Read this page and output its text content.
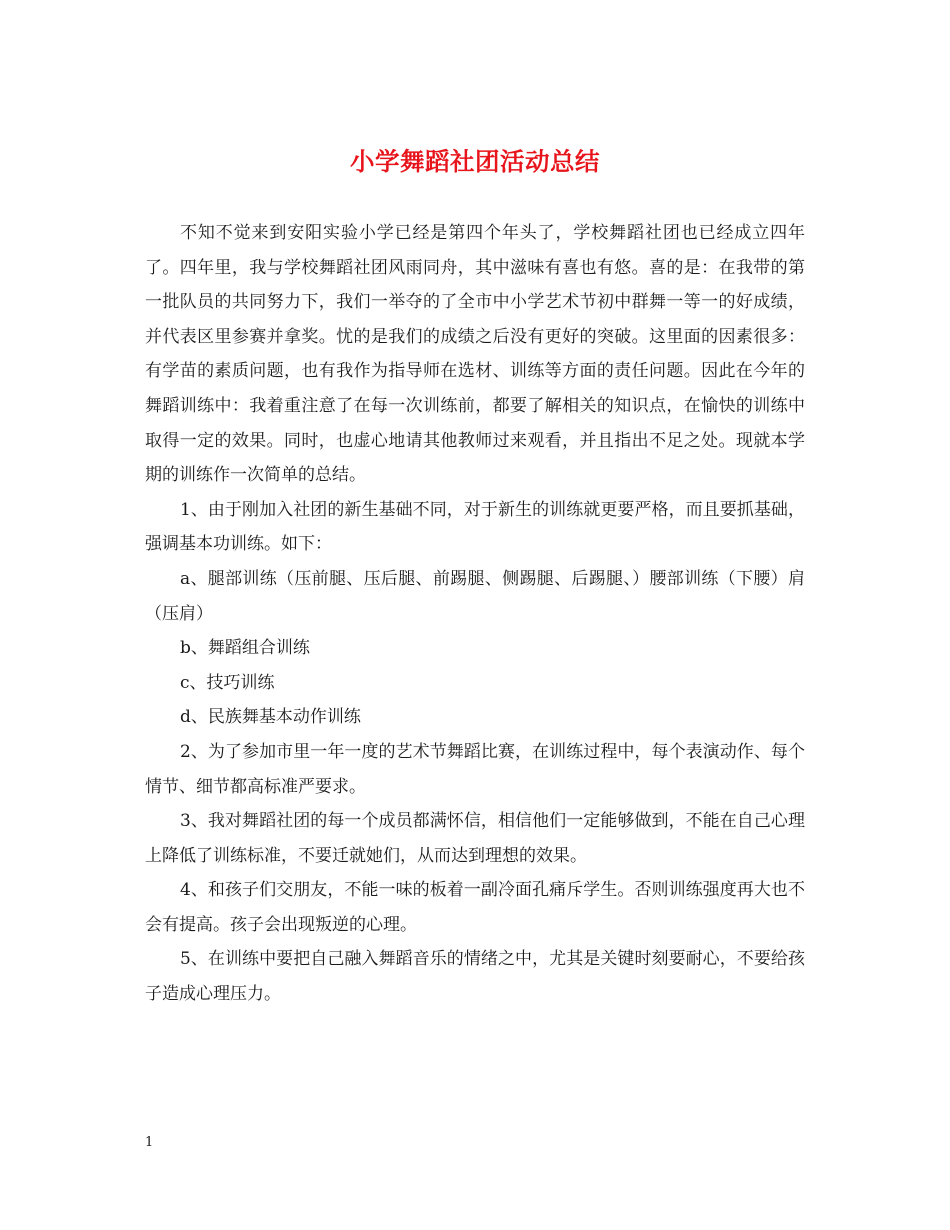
小学舞蹈社团活动总结

不知不觉来到安阳实验小学已经是第四个年头了，学校舞蹈社团也已经成立四年了。四年里，我与学校舞蹈社团风雨同舟，其中滋味有喜也有悠。喜的是：在我带的第一批队员的共同努力下，我们一举夺的了全市中小学艺术节初中群舞一等一的好成绩，并代表区里参赛并拿奖。忧的是我们的成绩之后没有更好的突破。这里面的因素很多：有学苗的素质问题，也有我作为指导师在选材、训练等方面的责任问题。因此在今年的舞蹈训练中：我着重注意了在每一次训练前，都要了解相关的知识点，在愉快的训练中取得一定的效果。同时，也虚心地请其他教师过来观看，并且指出不足之处。现就本学期的训练作一次简单的总结。

1、由于刚加入社团的新生基础不同，对于新生的训练就更要严格，而且要抓基础，强调基本功训练。如下：

a、腿部训练（压前腿、压后腿、前踢腿、侧踢腿、后踢腿、）腰部训练（下腰）肩（压肩）

b、舞蹈组合训练

c、技巧训练

d、民族舞基本动作训练

2、为了参加市里一年一度的艺术节舞蹈比赛，在训练过程中，每个表演动作、每个情节、细节都高标准严要求。

3、我对舞蹈社团的每一个成员都满怀信，相信他们一定能够做到，不能在自己心理上降低了训练标准，不要迁就她们，从而达到理想的效果。

4、和孩子们交朋友，不能一味的板着一副冷面孔痛斥学生。否则训练强度再大也不会有提高。孩子会出现叛逆的心理。

5、在训练中要把自己融入舞蹈音乐的情绪之中，尤其是关键时刻要耐心，不要给孩子造成心理压力。

1
